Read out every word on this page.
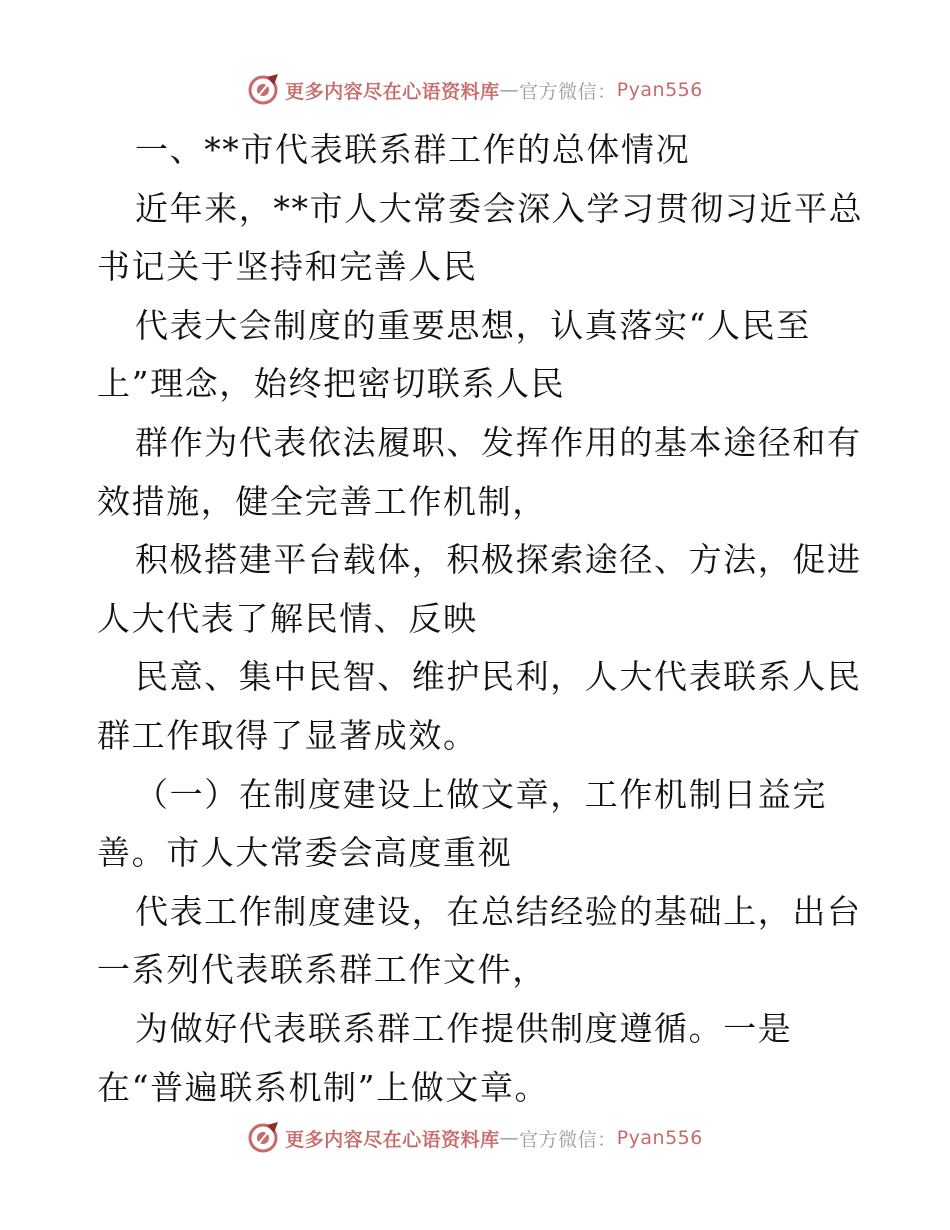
更多内容尽在心语资料库 — 官方微信： Pyan556
一、**市代表联系群工作的总体情况
近年来，**市人大常委会深入学习贯彻习近平总
书记关于坚持和完善人民
代表大会制度的重要思想，认真落实“人民至
上”理念，始终把密切联系人民
群作为代表依法履职、发挥作用的基本途径和有
效措施，健全完善工作机制，
积极搭建平台载体，积极探索途径、方法，促进
人大代表了解民情、反映
民意、集中民智、维护民利，人大代表联系人民
群工作取得了显著成效。
（一）在制度建设上做文章，工作机制日益完
善。市人大常委会高度重视
代表工作制度建设，在总结经验的基础上，出台
一系列代表联系群工作文件，
为做好代表联系群工作提供制度遵循。一是
在“普遍联系机制”上做文章。
更多内容尽在心语资料库 — 官方微信： Pyan556
